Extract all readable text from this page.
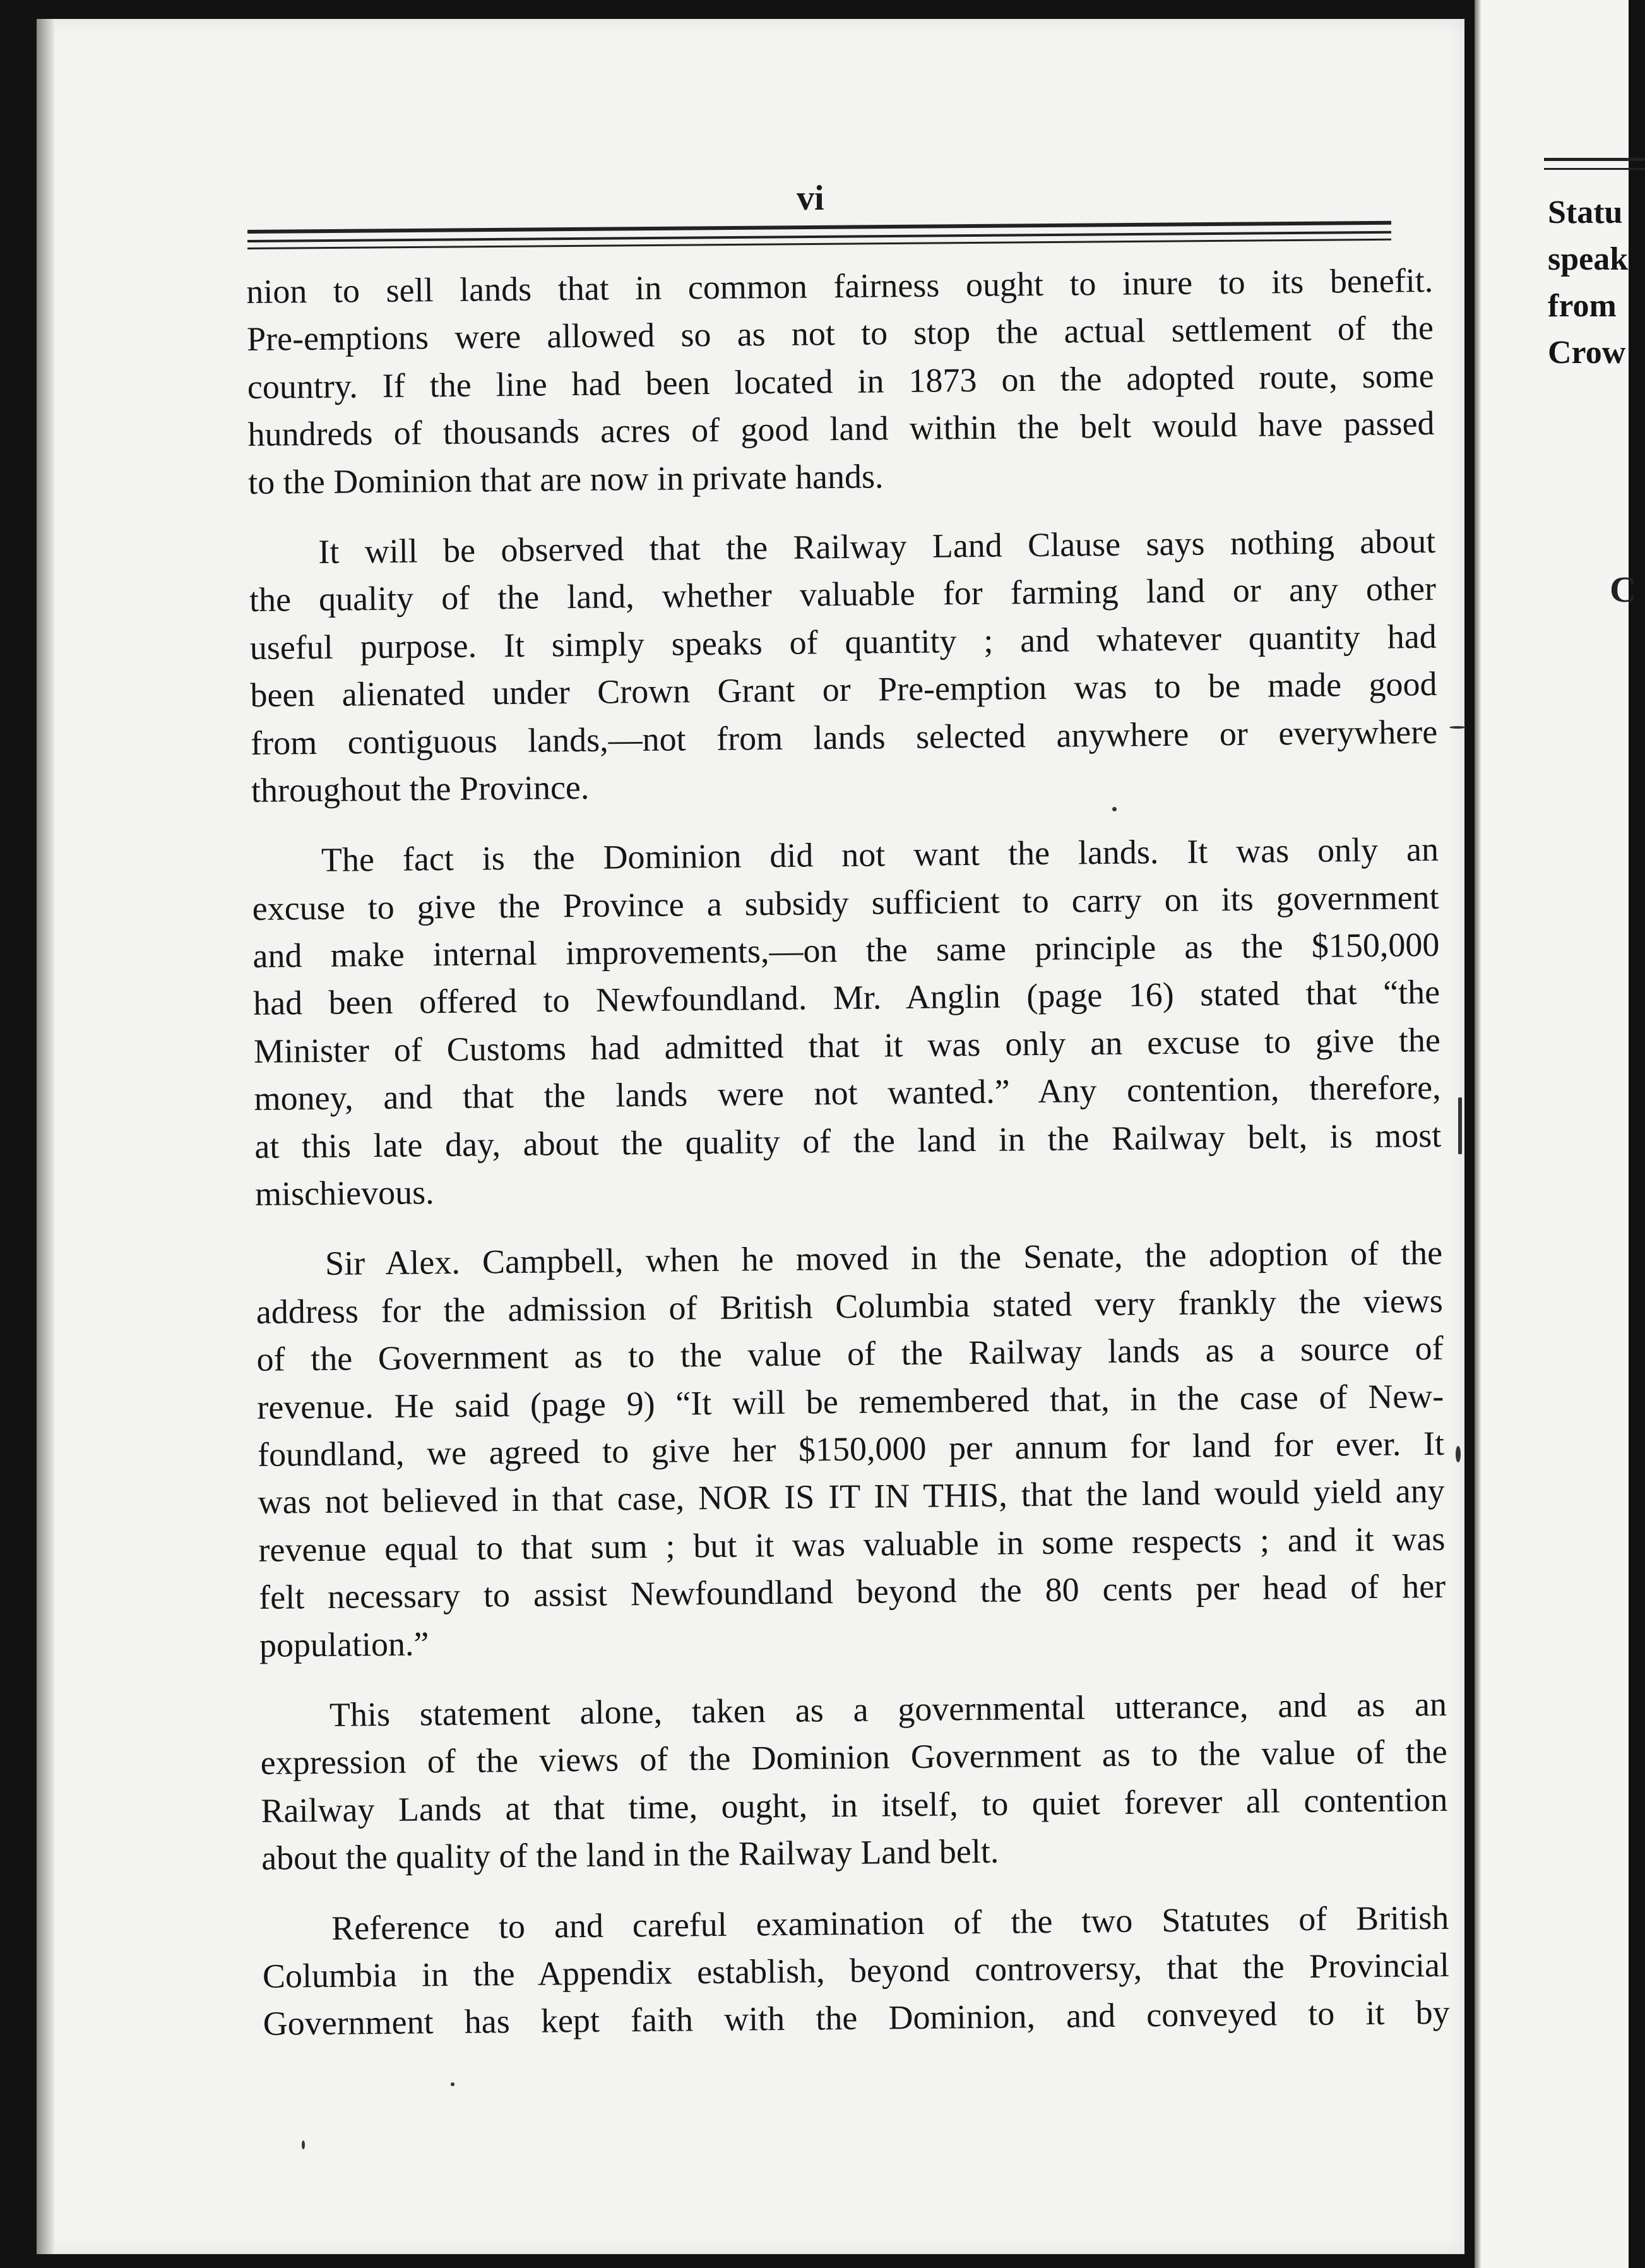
Statu
speak
from
Crow
C
vi
nion to sell lands that in common fairness ought to inure to its benefit.
Pre-emptions were allowed so as not to stop the actual settlement of the
country. If the line had been located in 1873 on the adopted route, some
hundreds of thousands acres of good land within the belt would have passed
to the Dominion that are now in private hands.
It will be observed that the Railway Land Clause says nothing about
the quality of the land, whether valuable for farming land or any other
useful purpose. It simply speaks of quantity ; and whatever quantity had
been alienated under Crown Grant or Pre-emption was to be made good
from contiguous lands,—not from lands selected anywhere or everywhere
throughout the Province.
The fact is the Dominion did not want the lands. It was only an
excuse to give the Province a subsidy sufficient to carry on its government
and make internal improvements,—on the same principle as the $150,000
had been offered to Newfoundland. Mr. Anglin (page 16) stated that “the
Minister of Customs had admitted that it was only an excuse to give the
money, and that the lands were not wanted.” Any contention, therefore,
at this late day, about the quality of the land in the Railway belt, is most
mischievous.
Sir Alex. Campbell, when he moved in the Senate, the adoption of the
address for the admission of British Columbia stated very frankly the views
of the Government as to the value of the Railway lands as a source of
revenue. He said (page 9) “It will be remembered that, in the case of New-
foundland, we agreed to give her $150,000 per annum for land for ever. It
was not believed in that case, NOR IS IT IN THIS, that the land would yield any
revenue equal to that sum ; but it was valuable in some respects ; and it was
felt necessary to assist Newfoundland beyond the 80 cents per head of her
population.”
This statement alone, taken as a governmental utterance, and as an
expression of the views of the Dominion Government as to the value of the
Railway Lands at that time, ought, in itself, to quiet forever all contention
about the quality of the land in the Railway Land belt.
Reference to and careful examination of the two Statutes of British
Columbia in the Appendix establish, beyond controversy, that the Provincial
Government has kept faith with the Dominion, and conveyed to it by
